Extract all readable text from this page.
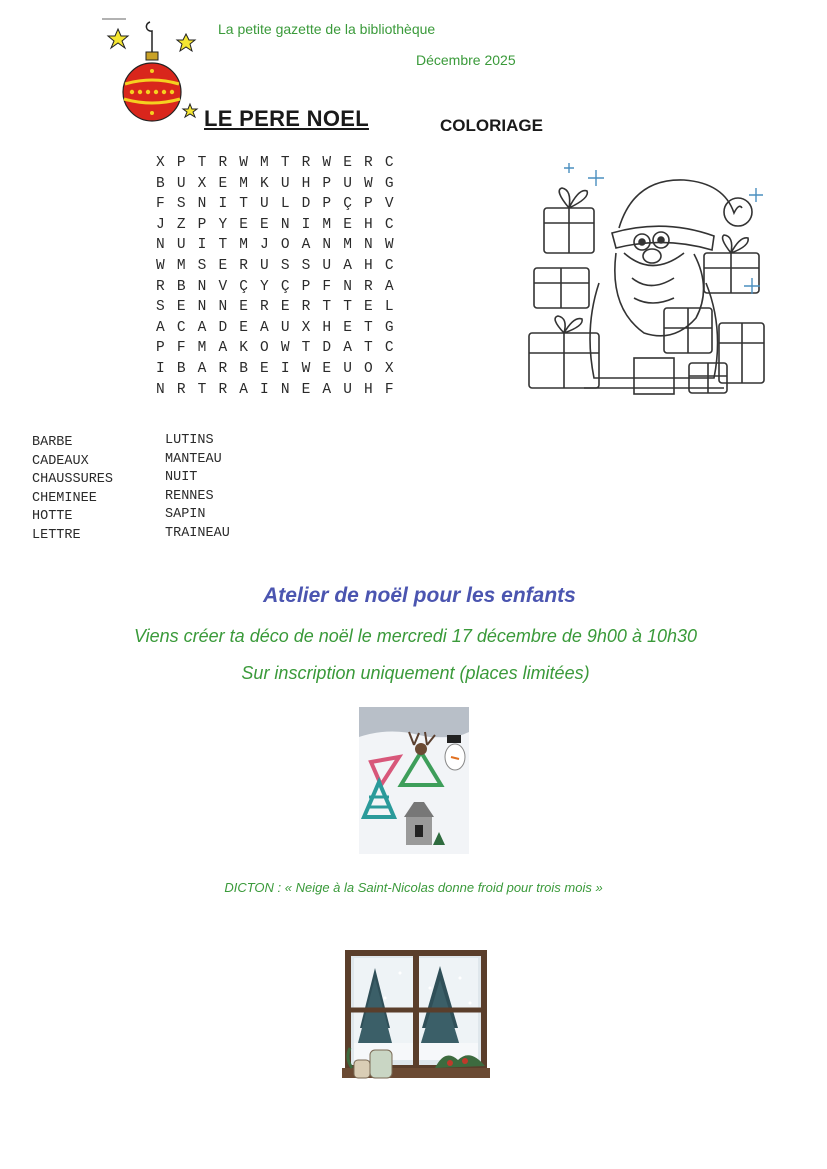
La petite gazette de la bibliothèque
Décembre 2025
LE PERE NOEL	COLORIAGE
X P T R W M T R W E R C
B U X E M K U H P U W G
F S N I T U L D P Ç P V
J Z P Y E E N I M E H C
N U I T M J O A N M N W
W M S E R U S S U A H C
R B N V Ç Y Ç P F N R A
S E N N E R E R T T E L
A C A D E A U X H E T G
P F M A K O W T D A T C
I B A R B E I W E U O X
N R T R A I N E A U H F
BARBE
CADEAUX
CHAUSSURES
CHEMINEE
HOTTE
LETTRE
LUTINS
MANTEAU
NUIT
RENNES
SAPIN
TRAINEAU
Atelier de noël pour les enfants
Viens créer ta déco de noël le mercredi 17 décembre de 9h00 à 10h30
Sur inscription uniquement (places limitées)
DICTON : « Neige à la Saint-Nicolas donne froid pour trois mois »
